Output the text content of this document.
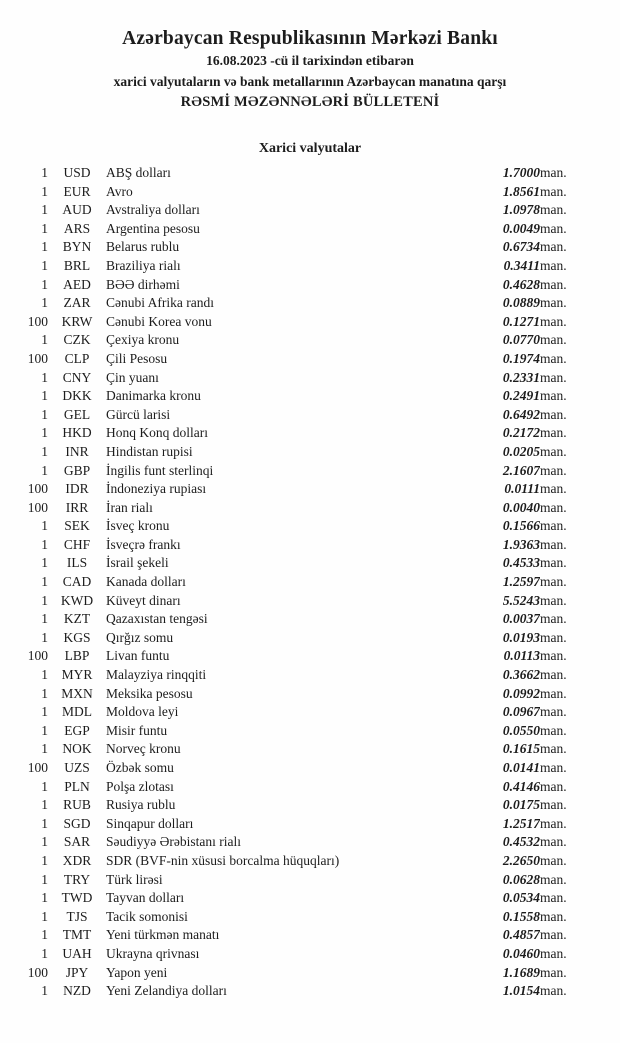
Azərbaycan Respublikasının Mərkəzi Bankı
16.08.2023 -cü il tarixindən etibarən
xarici valyutaların və bank metallarının Azərbaycan manatına qarşı
RƏSMİ MƏZƏNNƏLƏRİ BÜLLETENİ
Xarici valyutalar
1	USD	ABŞ dolları	1.7000	man.
1	EUR	Avro	1.8561	man.
1	AUD	Avstraliya dolları	1.0978	man.
1	ARS	Argentina pesosu	0.0049	man.
1	BYN	Belarus rublu	0.6734	man.
1	BRL	Braziliya rialı	0.3411	man.
1	AED	BƏƏ dirhəmi	0.4628	man.
1	ZAR	Cənubi Afrika randı	0.0889	man.
100	KRW	Cənubi Korea vonu	0.1271	man.
1	CZK	Çexiya kronu	0.0770	man.
100	CLP	Çili Pesosu	0.1974	man.
1	CNY	Çin yuanı	0.2331	man.
1	DKK	Danimarka kronu	0.2491	man.
1	GEL	Gürcü larisi	0.6492	man.
1	HKD	Honq Konq dolları	0.2172	man.
1	INR	Hindistan rupisi	0.0205	man.
1	GBP	İngilis funt sterlinqi	2.1607	man.
100	IDR	İndoneziya rupiası	0.0111	man.
100	IRR	İran rialı	0.0040	man.
1	SEK	İsveç kronu	0.1566	man.
1	CHF	İsveçrə frankı	1.9363	man.
1	ILS	İsrail şekeli	0.4533	man.
1	CAD	Kanada dolları	1.2597	man.
1	KWD	Küveyt dinarı	5.5243	man.
1	KZT	Qazaxıstan tengəsi	0.0037	man.
1	KGS	Qırğız somu	0.0193	man.
100	LBP	Livan funtu	0.0113	man.
1	MYR	Malayziya rinqqiti	0.3662	man.
1	MXN	Meksika pesosu	0.0992	man.
1	MDL	Moldova leyi	0.0967	man.
1	EGP	Misir funtu	0.0550	man.
1	NOK	Norveç kronu	0.1615	man.
100	UZS	Özbək somu	0.0141	man.
1	PLN	Polşa zlotası	0.4146	man.
1	RUB	Rusiya rublu	0.0175	man.
1	SGD	Sinqapur dolları	1.2517	man.
1	SAR	Səudiyyə Ərəbistanı rialı	0.4532	man.
1	XDR	SDR (BVF-nin xüsusi borcalma hüquqları)	2.2650	man.
1	TRY	Türk lirəsi	0.0628	man.
1	TWD	Tayvan dolları	0.0534	man.
1	TJS	Tacik somonisi	0.1558	man.
1	TMT	Yeni türkmən manatı	0.4857	man.
1	UAH	Ukrayna qrivnası	0.0460	man.
100	JPY	Yapon yeni	1.1689	man.
1	NZD	Yeni Zelandiya dolları	1.0154	man.
